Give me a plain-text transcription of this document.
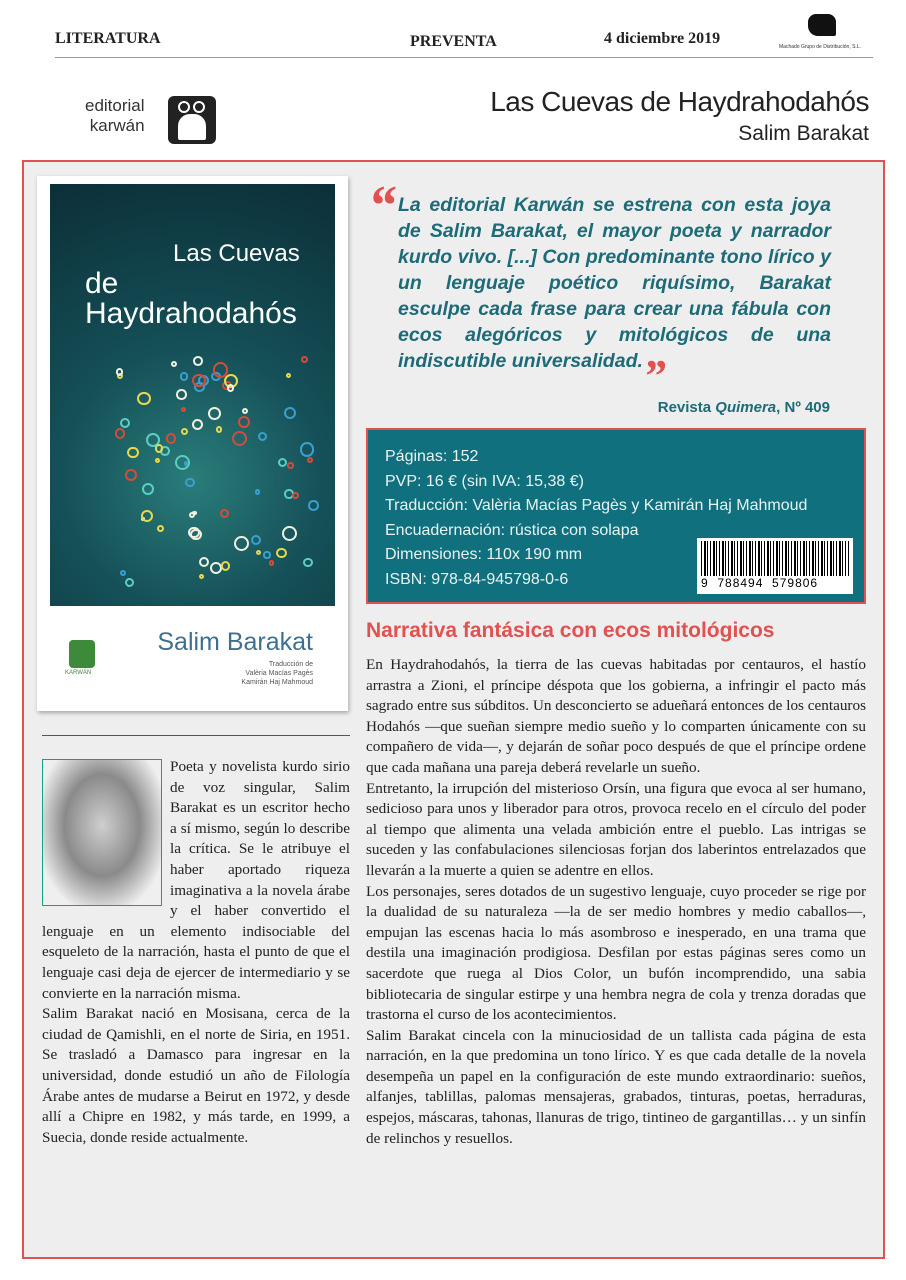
LITERATURA	PREVENTA	4 diciembre 2019	Machado Grupo de Distribución, S.L.
editorial
karwán
Las Cuevas de Haydrahodahós
Salim Barakat
Las Cuevas
de Haydrahodahós
KARWÁN
Salim Barakat
Traducción de
Valèria Macías Pagès
Kamirán Haj Mahmoud
“ La editorial Karwán se estrena con esta joya de Salim Barakat, el mayor poeta y narrador kurdo vivo. [...] Con predominante tono lírico y un lenguaje poético riquísimo, Barakat esculpe cada frase para crear una fábula con ecos alegóricos y mitológicos de una indiscutible universalidad.”
Revista Quimera, Nº 409
Páginas: 152
PVP: 16 € (sin IVA: 15,38 €)
Traducción: Valèria Macías Pagès y Kamirán Haj Mahmoud
Encuadernación: rústica con solapa
Dimensiones: 110x 190 mm
ISBN: 978-84-945798-0-6	9  788494  579806
Narrativa fantásica con ecos mitológicos

En Haydrahodahós, la tierra de las cuevas habitadas por centauros, el hastío arrastra a Zioni, el príncipe déspota que los gobierna, a infringir el pacto más sagrado entre sus súbditos. Un desconcierto se adueñará entonces de los centauros Hodahós —que sueñan siempre medio sueño y lo comparten únicamente con su compañero de vida—, y dejarán de soñar poco después de que el príncipe ordene que cada mañana una pareja deberá revelarle un sueño.

Entretanto, la irrupción del misterioso Orsín, una figura que evoca al ser humano, sedicioso para unos y liberador para otros, provoca recelo en el círculo del poder al tiempo que alimenta una velada ambición entre el pueblo. Las intrigas se suceden y las confabulaciones silenciosas forjan dos laberintos entrelazados que llevarán a la muerte a quien se adentre en ellos.

Los personajes, seres dotados de un sugestivo lenguaje, cuyo proceder se rige por la dualidad de su naturaleza —la de ser medio hombres y medio caballos—, empujan las escenas hacia lo más asombroso e inesperado, en una trama que destila una imaginación prodigiosa. Desfilan por estas páginas seres como un sacerdote que ruega al Dios Color, un bufón incomprendido, una sabia bibliotecaria de singular estirpe y una hembra negra de cola y trenza doradas que trastorna el curso de los acontecimientos.

Salim Barakat cincela con la minuciosidad de un tallista cada página de esta narración, en la que predomina un tono lírico. Y es que cada detalle de la novela desempeña un papel en la configuración de este mundo extraordinario: sueños, alfanjes, tablillas, palomas mensajeras, grabados, tinturas, poetas, herraduras, espejos, máscaras, tahonas, llanuras de trigo, tintineo de gargantillas… y un sinfín de relinchos y resuellos.

Poeta y novelista kurdo sirio de voz singular, Salim Barakat es un escritor hecho a sí mismo, según lo describe la crítica. Se le atribuye el haber aportado riqueza imaginativa a la novela árabe y el haber convertido el lenguaje en un elemento indisociable del esqueleto de la narración, hasta el punto de que el lenguaje casi deja de ejercer de intermediario y se convierte en la narración misma.

Salim Barakat nació en Mosisana, cerca de la ciudad de Qamishli, en el norte de Siria, en 1951. Se trasladó a Damasco para ingresar en la universidad, donde estudió un año de Filología Árabe antes de mudarse a Beirut en 1972, y desde allí a Chipre en 1982, y más tarde, en 1999, a Suecia, donde reside actualmente.
